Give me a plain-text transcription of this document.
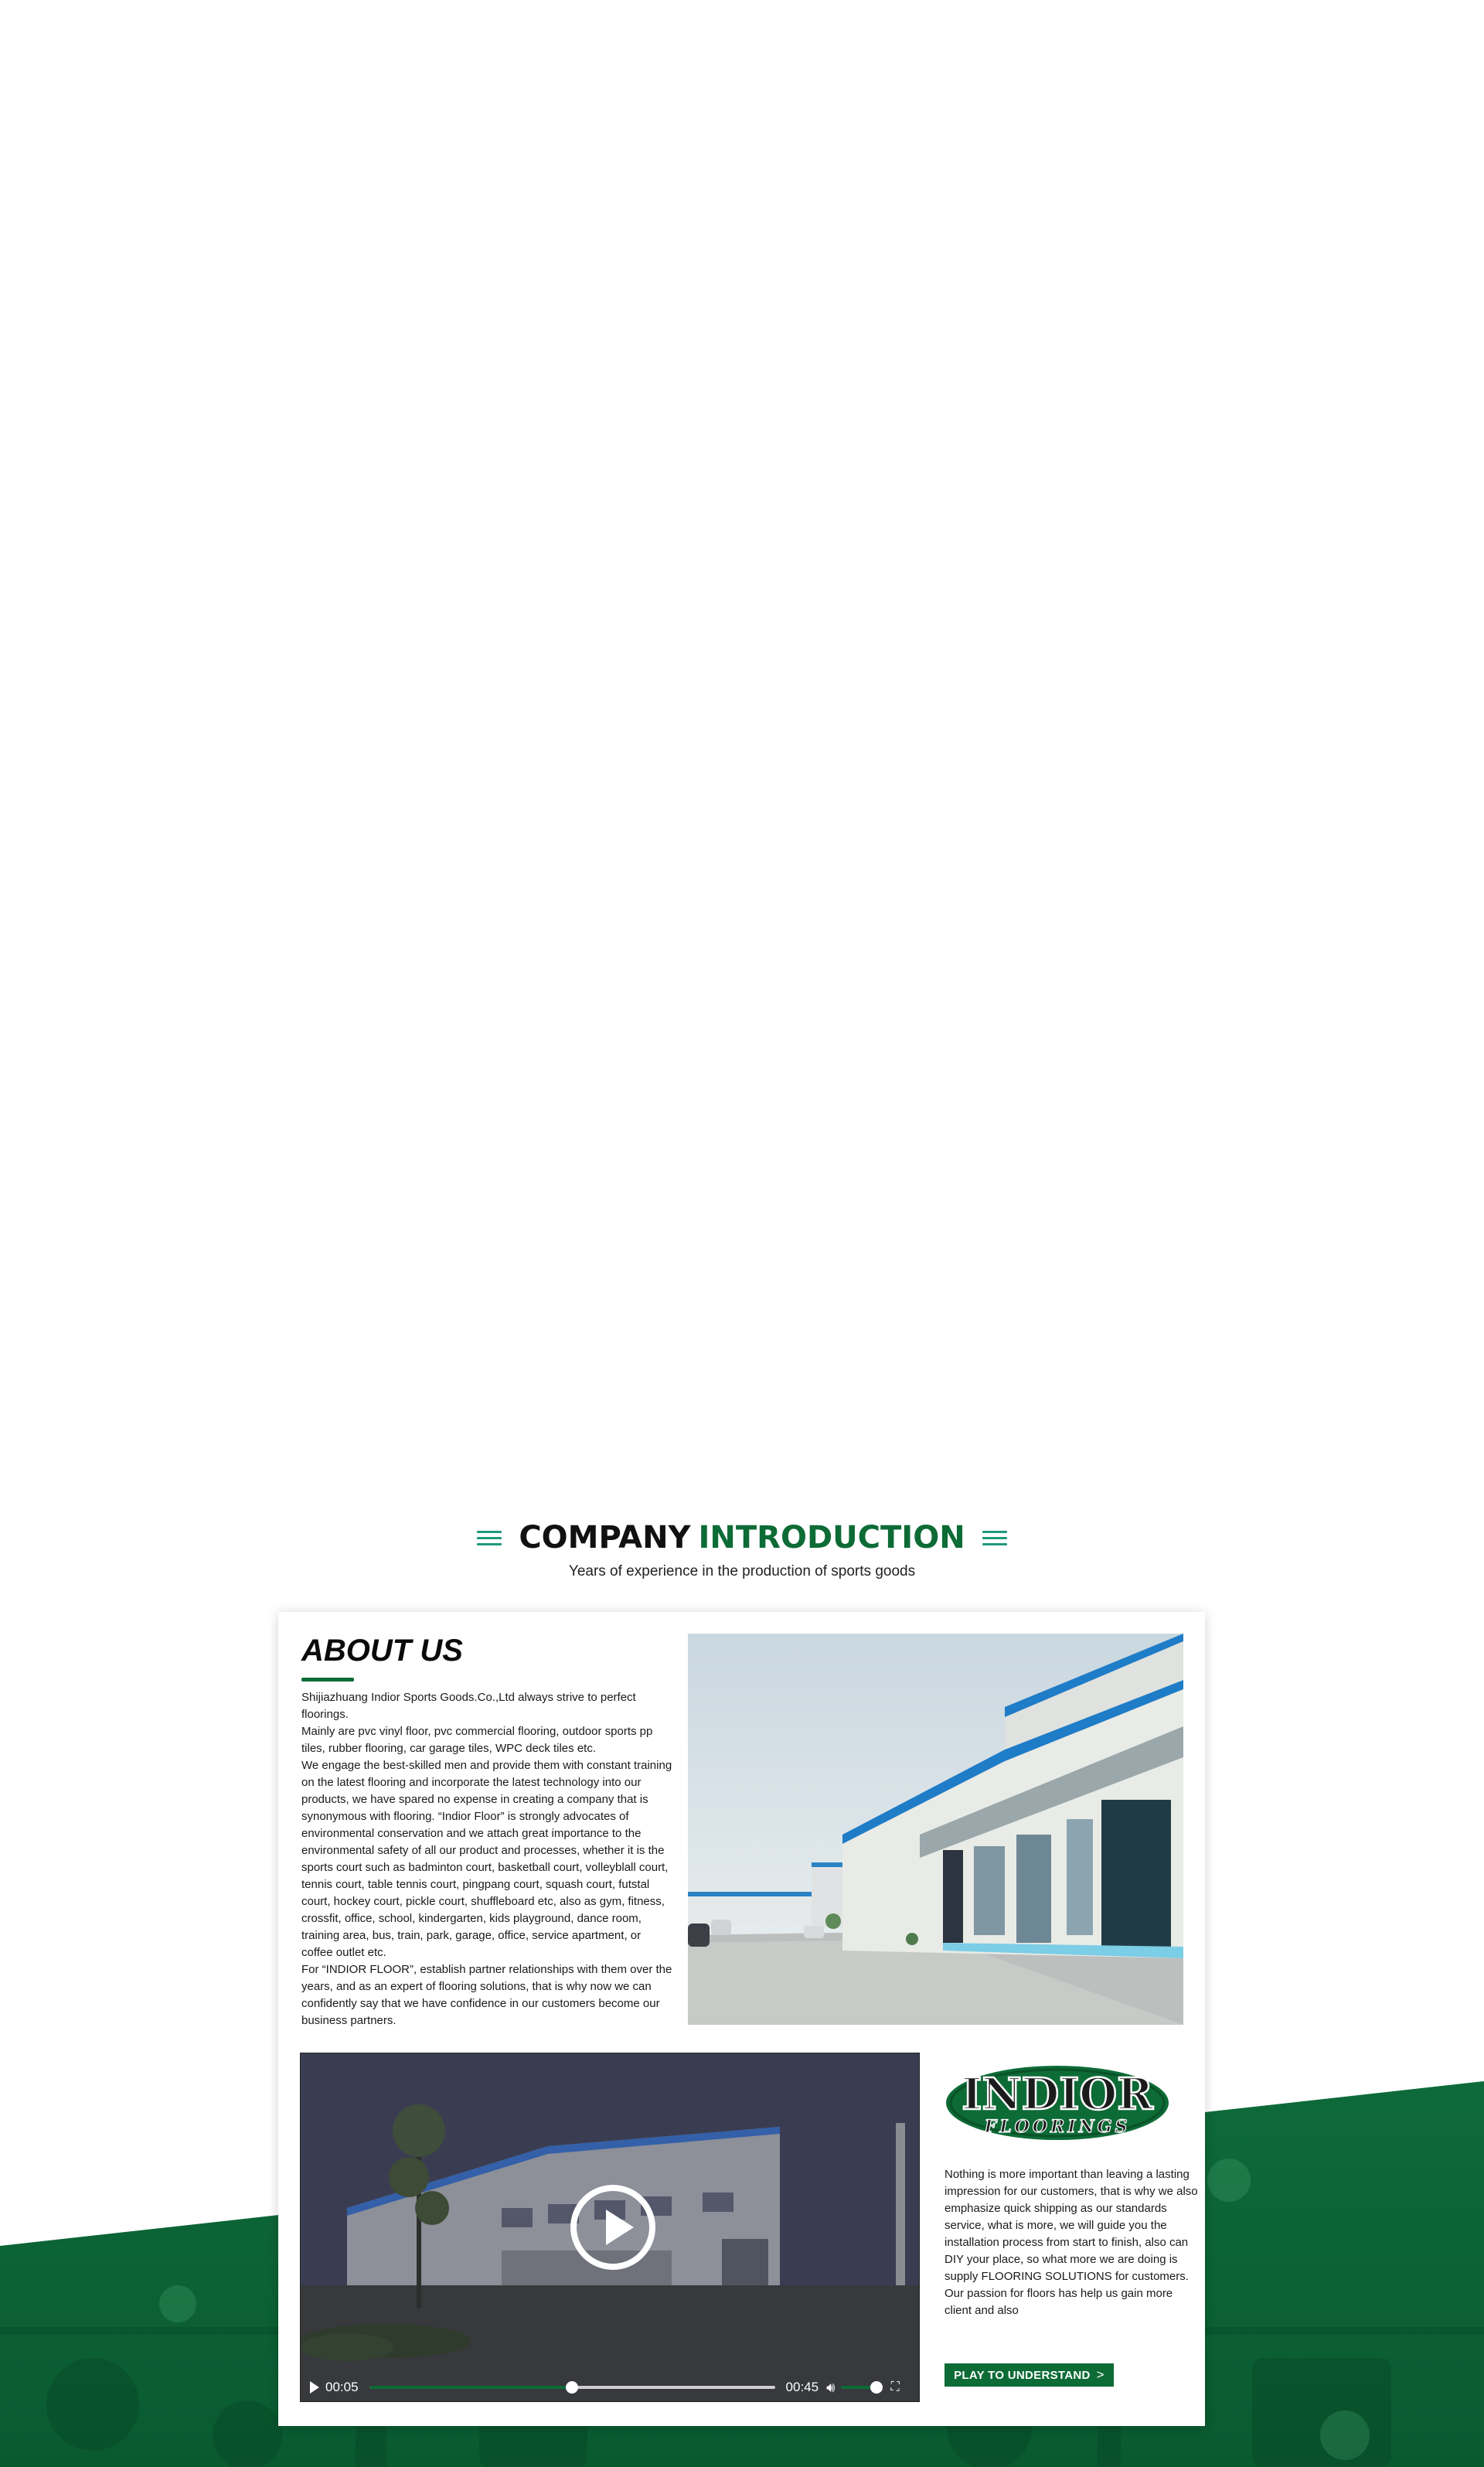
COMPANY INTRODUCTION
Years of experience in the production of sports goods
ABOUT US

Shijiazhuang Indior Sports Goods.Co.,Ltd always strive to perfect floorings.

Mainly are pvc vinyl floor, pvc commercial flooring, outdoor sports pp tiles, rubber flooring, car garage tiles, WPC deck tiles etc.

We engage the best-skilled men and provide them with constant training on the latest flooring and incorporate the latest technology into our products, we have spared no expense in creating a company that is synonymous with flooring. “Indior Floor” is strongly advocates of environmental conservation and we attach great importance to the environmental safety of all our product and processes, whether it is the sports court such as badminton court, basketball court, volleyblall court, tennis court, table tennis court, pingpang court, squash court, futstal court, hockey court, pickle court, shuffleboard etc, also as gym, fitness, crossfit, office, school, kindergarten, kids playground, dance room, training area, bus, train, park, garage, office, service apartment, or coffee outlet etc.

For “INDIOR FLOOR”, establish partner relationships with them over the years, and as an expert of flooring solutions, that is why now we can confidently say that we have confidence in our customers become our business partners.

00:05	00:45 🔊︎	⛶
INDIOR
FLOORINGS

Nothing is more important than leaving a lasting impression for our customers, that is why we also emphasize quick shipping as our standards service, what is more, we will guide you the installation process from start to finish, also can DIY your place, so what more we are doing is supply FLOORING SOLUTIONS for customers.

Our passion for floors has help us gain more client and also

PLAY TO UNDERSTAND >
